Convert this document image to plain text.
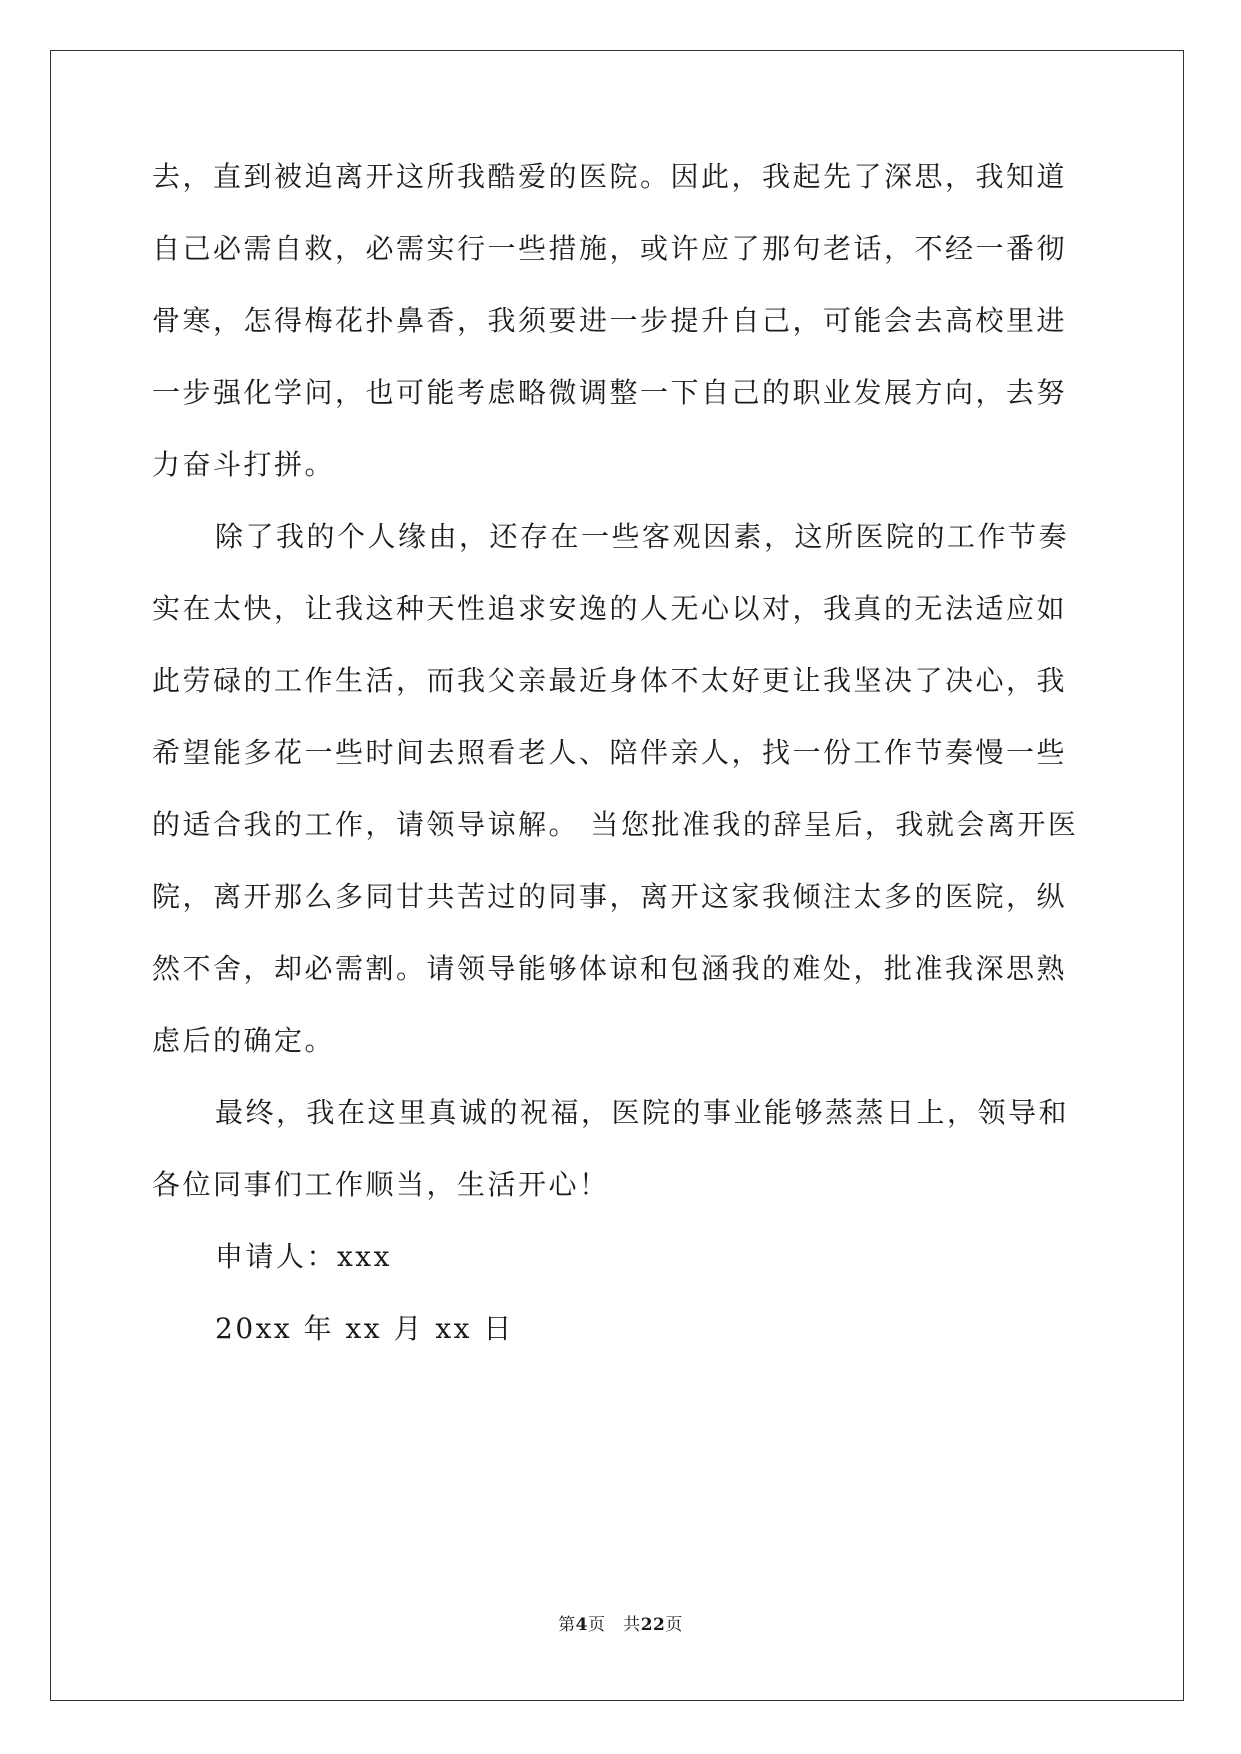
去，直到被迫离开这所我酷爱的医院。因此，我起先了深思，我知道
自己必需自救，必需实行一些措施，或许应了那句老话，不经一番彻
骨寒，怎得梅花扑鼻香，我须要进一步提升自己，可能会去高校里进
一步强化学问，也可能考虑略微调整一下自己的职业发展方向，去努
力奋斗打拼。
除了我的个人缘由，还存在一些客观因素，这所医院的工作节奏
实在太快，让我这种天性追求安逸的人无心以对，我真的无法适应如
此劳碌的工作生活，而我父亲最近身体不太好更让我坚决了决心，我
希望能多花一些时间去照看老人、陪伴亲人，找一份工作节奏慢一些
的适合我的工作，请领导谅解。 当您批准我的辞呈后，我就会离开医
院，离开那么多同甘共苦过的同事，离开这家我倾注太多的医院，纵
然不舍，却必需割。请领导能够体谅和包涵我的难处，批准我深思熟
虑后的确定。
最终，我在这里真诚的祝福，医院的事业能够蒸蒸日上，领导和
各位同事们工作顺当，生活开心！
申请人：xxx
20xx 年 xx 月 xx 日
第4页 共22页
